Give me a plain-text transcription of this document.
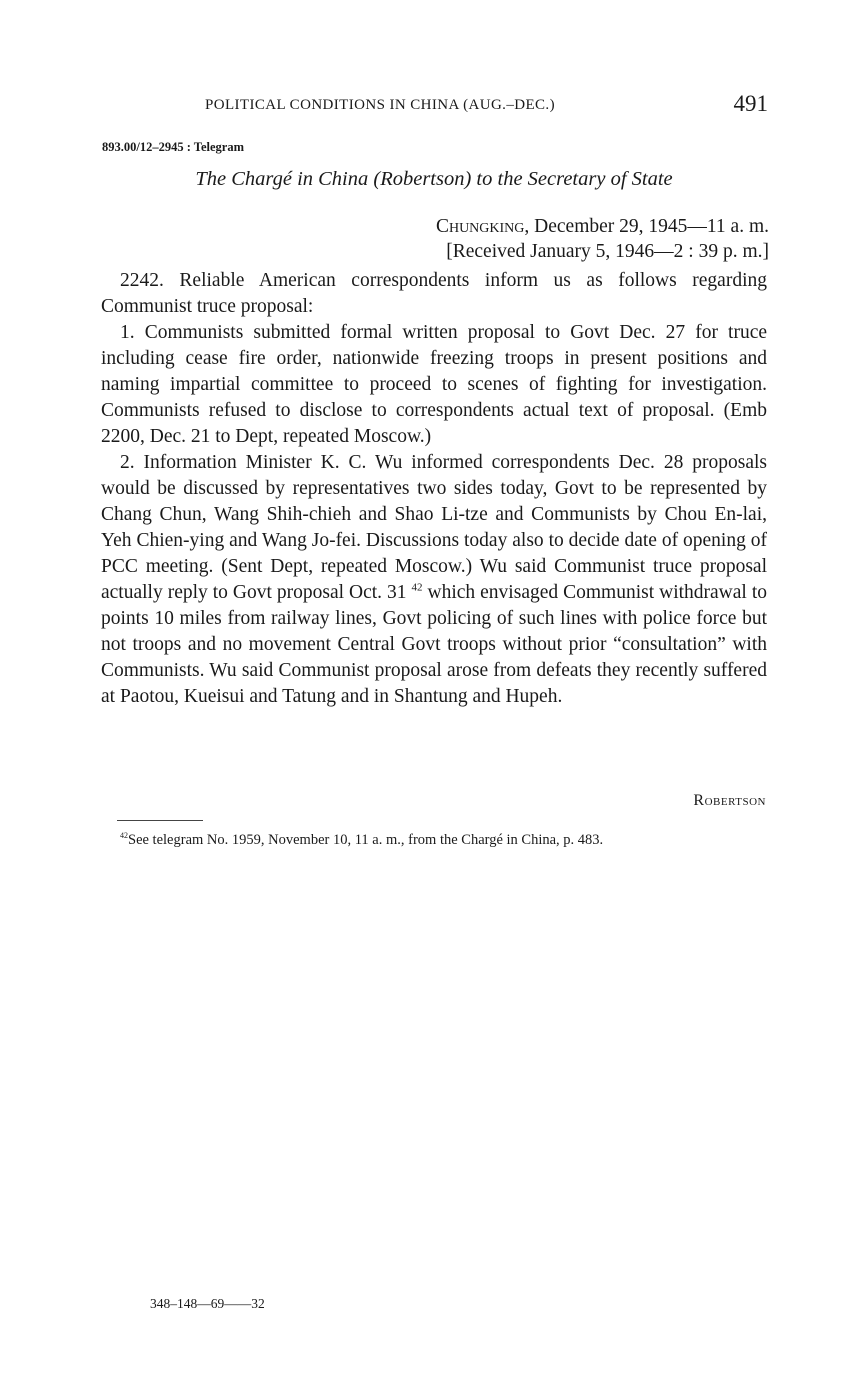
POLITICAL CONDITIONS IN CHINA (AUG.–DEC.)	491
893.00/12–2945 : Telegram
The Chargé in China (Robertson) to the Secretary of State
Chungking, December 29, 1945—11 a. m.
[Received January 5, 1946—2 : 39 p. m.]

2242. Reliable American correspondents inform us as follows regarding Communist truce proposal:

1. Communists submitted formal written proposal to Govt Dec. 27 for truce including cease fire order, nationwide freezing troops in present positions and naming impartial committee to proceed to scenes of fighting for investigation. Communists refused to disclose to correspondents actual text of proposal. (Emb 2200, Dec. 21 to Dept, repeated Moscow.)

2. Information Minister K. C. Wu informed correspondents Dec. 28 proposals would be discussed by representatives two sides today, Govt to be represented by Chang Chun, Wang Shih-chieh and Shao Li-tze and Communists by Chou En-lai, Yeh Chien-ying and Wang Jo-fei. Discussions today also to decide date of opening of PCC meeting. (Sent Dept, repeated Moscow.) Wu said Communist truce proposal actually reply to Govt proposal Oct. 31 $^{42}$ which envisaged Communist withdrawal to points 10 miles from railway lines, Govt policing of such lines with police force but not troops and no movement Central Govt troops without prior “consultation” with Communists. Wu said Communist proposal arose from defeats they recently suffered at Paotou, Kueisui and Tatung and in Shantung and Hupeh.

Robertson

$^{42}$See telegram No. 1959, November 10, 11 a. m., from the Chargé in China, p. 483.

348–148—69——32
